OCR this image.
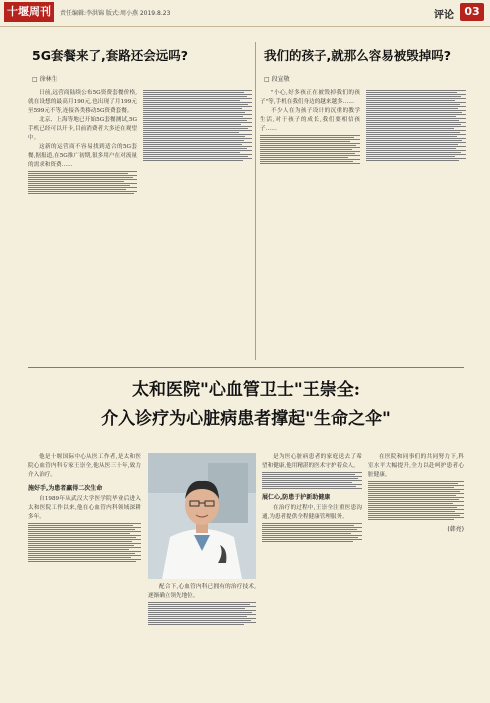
十堰周刊	责任编辑:李洪锦 版式:周小燕 2019.8.23	评论 03
5G套餐来了,套路还会远吗?
□ 徐林生

日前,远营商陆续公布5G资费套餐价格,就在设想的最高月190元,也出现了月199元至599元不等,连接各类移动5G资费套餐。

北京、上海等地已开始5G套餐测试,5G手机已经可以开卡,目前消费者大多还在观望中。

这新的运营商不容易找到适合的5G套餐,据报道,在5G推广初期,很多用户在对流量的需求和资费……

我们的孩子,就那么容易被毁掉吗?
□ 段宣敬

"小心,好多孩正在被毁掉我们的孩子"等,手机在我们身边的越来越多……

不少人在为孩子设计的沉重的教学生活,对于孩子的成长,我们要相信孩子……

太和医院"心血管卫士"王崇全:
介入诊疗为心脏病患者撑起"生命之伞"

他是十堰国际中心从医工作者,是太和医院心血管内科专家王崇全,他从医三十年,致力介入治疗。

施好手,为患者赢得二次生命

自1989年从武汉大学医学院毕业后进入太和医院工作以来,他在心血管内科领域深耕多年。

配合下,心血管内科已拥有的治疗技术,逐渐确立领先地位。

是为医心脏病患者的家庭送去了希望和健康,他用精湛的医术守护着众人。

展仁心,防患于护新助健康

在治疗的过程中,王崇全注重医患沟通,为患者提供全程健康管理服务。

在医院和同事们的共同努力下,科室水平大幅提升,全力以赴呵护患者心脏健康。

(韩亮)
